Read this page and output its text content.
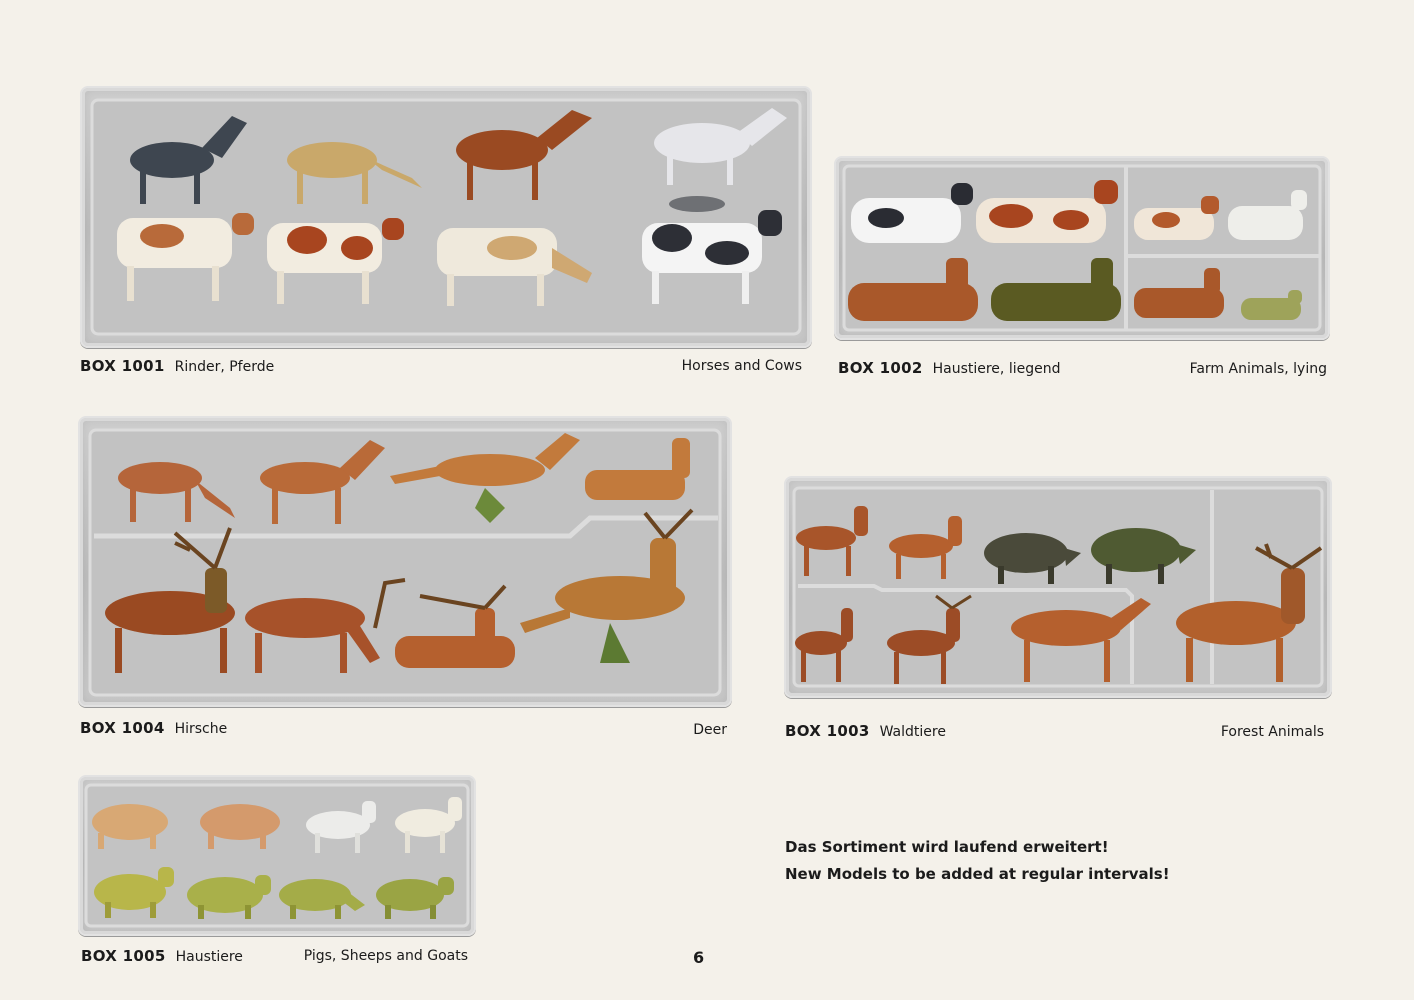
BOX 1001 Rinder, Pferde	Horses and Cows BOX 1002 Haustiere, liegend	Farm Animals, lying
BOX 1004 Hirsche	Deer	BOX 1003 Waldtiere	Forest Animals
BOX 1005 Haustiere	Pigs, Sheeps and Goats
Das Sortiment wird laufend erweitert!
New Models to be added at regular intervals!
6
